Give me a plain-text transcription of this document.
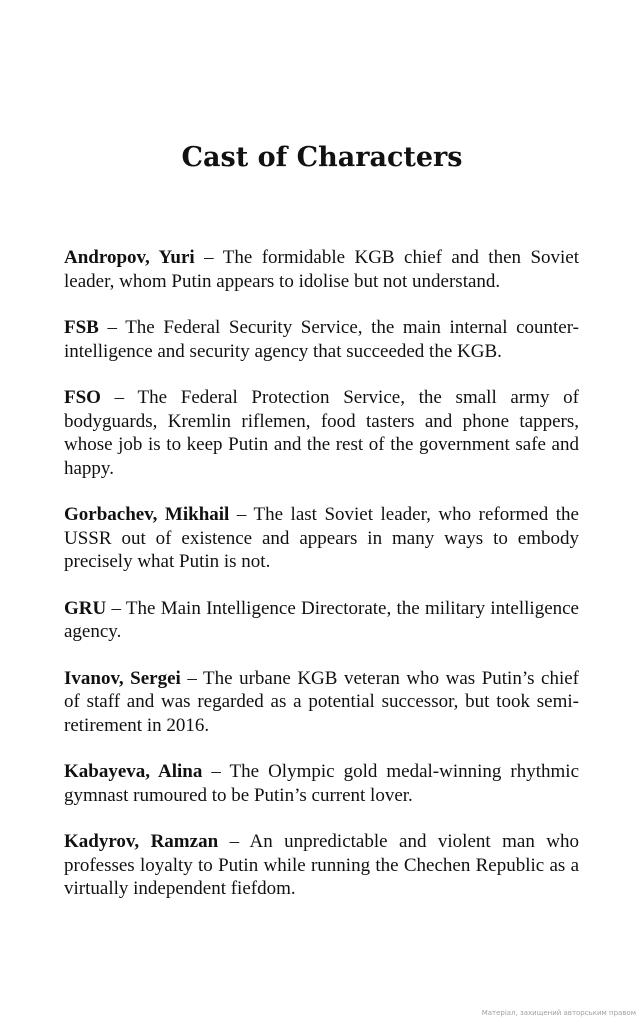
Cast of Characters

Andropov, Yuri – The formidable KGB chief and then Soviet leader, whom Putin appears to idolise but not understand.

FSB – The Federal Security Service, the main internal counter-intelligence and security agency that succeeded the KGB.

FSO – The Federal Protection Service, the small army of bodyguards, Kremlin riflemen, food tasters and phone tappers, whose job is to keep Putin and the rest of the government safe and happy.

Gorbachev, Mikhail – The last Soviet leader, who reformed the USSR out of existence and appears in many ways to embody precisely what Putin is not.

GRU – The Main Intelligence Directorate, the military intelligence agency.

Ivanov, Sergei – The urbane KGB veteran who was Putin’s chief of staff and was regarded as a potential successor, but took semi-retirement in 2016.

Kabayeva, Alina – The Olympic gold medal-winning rhythmic gymnast rumoured to be Putin’s current lover.

Kadyrov, Ramzan – An unpredictable and violent man who professes loyalty to Putin while running the Chechen Republic as a virtually independent fiefdom.

Матеріал, захищений авторським правом
